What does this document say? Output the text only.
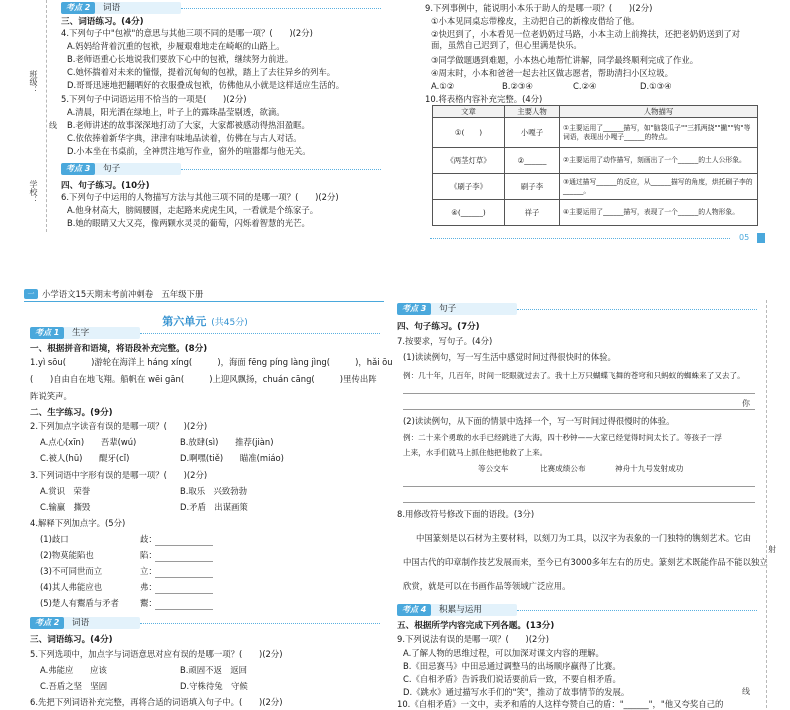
班级：
线
学校：
考点 2	词语
三、词语练习。(4分)
4.下列句子中"包袱"的意思与其他三项不同的是哪一项？(　　)(2分)
A.妈妈给背着沉重的包袱，步履艰难地走在崎岖的山路上。
B.老师语重心长地说我们要放下心中的包袱，继续努力前进。
C.她怀揣着对未来的憧憬，提着沉甸甸的包袱，踏上了去往异乡的列车。
D.哥哥迅速地把翻晒好的衣服叠成包袱，仿佛他从小就是这样适应生活的。
5.下列句子中词语运用不恰当的一项是(　　)(2分)
A.清晨，阳光洒在绿地上，叶子上的露珠晶莹剔透，欲滴。
B.老师讲述的故事深深地打动了大家，大家都被感动得热泪盈眶。
C.依依捧着新华字典，津津有味地品读着，仿佛在与古人对话。
D.小本坐在书桌前，全神贯注地写作业，窗外的喧嚣都与他无关。
考点 3	句子
四、句子练习。(10分)
6.下列句子中运用的人物描写方法与其他三项不同的是哪一项？(　　)(2分)
A.他身材高大，膀阔腰圆，走起路来虎虎生风，一看就是个练家子。
B.她的眼睛又大又亮，像两颗水灵灵的葡萄，闪烁着智慧的光芒。
9.下列事例中，能说明小本乐于助人的是哪一项？(　　)(2分)
①小本见同桌忘带橡皮，主动把自己的新橡皮借给了他。
②快迟到了，小本看见一位老奶奶过马路，小本主动上前搀扶，还把老奶奶送到了对面，虽然自己迟到了，但心里满是快乐。
③同学做题遇到难题，小本热心地帮忙讲解，同学最终顺利完成了作业。
④周末时，小本和爸爸一起去社区做志愿者，帮助清扫小区垃圾。
A.①②	B.②③④	C.②④	D.①③④
10.将表格内容补充完整。(4分)
文章	主要人物	人物描写
①(　　)	小嘎子	①主要运用了______描写，如"脑袋瓜子""三抓两挠""撇""钩"等词语，表现出小嘎子______的特点。
《两茎灯草》	②______	②主要运用了动作描写，刻画出了一个______的土人公形象。
《刷子李》	刷子李	③通过描写______的反应，从______描写的角度，烘托刷子李的______。
④(______)	祥子	④主要运用了______描写，表现了一个______的人物形象。
05
一 小学语文15天期末考前冲刺卷　五年级下册
第六单元 (共45分)
考点 1	生字
一、根据拼音和语境，将语段补充完整。(8分)
1.yì sōu(　　　)游轮在海洋上 háng xíng(　　　)，海面 fēng píng làng jìng(　　　)，hǎi ōu
(　　)自由自在地飞翔。船帆在 wēi gān(　　　)上迎风飘扬，chuán cāng(　　　)里传出阵
阵说笑声。
二、生字练习。(9分)
2.下列加点字读音有误的是哪一项？(　　)(2分)
A.点心(xīn)　　吾辈(wú)	B.放肆(sì)　　推荐(jiàn)
C.被人(hū)　　醍牙(cǐ)	D.啊嘿(tiě)　　瞄准(miáo)
3.下列词语中字形有误的是哪一项？(　　)(2分)
A.赏识　荣誉	B.取乐　兴致勃勃
C.输赢　撕毁	D.矛盾　出谋画策
4.解释下列加点字。(5分)
(1)歧口	歧：
(2)物莫能陷也	陷：
(3)不可同世而立	立：
(4)其人弗能应也	弗：
(5)楚人有鬻盾与矛者	鬻：
考点 2	词语
三、词语练习。(4分)
5.下列选项中，加点字与词语意思对应有误的是哪一项？(　　)(2分)
A.弗能应　　应该	B.顽固不返　返回
C.吾盾之坚　坚固	D.守株待兔　守候
6.先把下列词语补充完整，再将合适的词语填入句子中。(　　)(2分)
考点 3	句子
四、句子练习。(7分)
7.按要求，写句子。(4分)
(1)读读例句，写一写生活中感觉时间过得很快时的体验。
例：几十年，几百年，时间一眨眼就过去了。我十上万只蝴蝶飞舞的苍穹和只蚂蚁的蜘蛛来了又去了。
(2)读读例句，从下面的情景中选择一个，写一写时间过得很慢时的体验。
例：二十来个勇敢的水手已经跳进了大海，四十秒钟——大家已经觉得时间太长了。等孩子一浮
上来，水手们就马上抓住他把他救了上来。
等公交车	比赛成绩公布	神舟十九号发射成功
8.用修改符号修改下面的语段。(3分)
中国篆刻是以石材为主要材料，以刻刀为工具，以汉字为表象的一门独特的镌刻艺术。它由
中国古代的印章制作技艺发展而来，至今已有3000多年左右的历史。篆刻艺术既能作品不能以独立
欣赏，就是可以在书画作品等领域广泛应用。
考点 4	积累与运用
五、根据所学内容完成下列各题。(13分)
9.下列说法有误的是哪一项？(　　)(2分)
A.了解人物的思维过程，可以加深对课文内容的理解。
B.《田忌赛马》中田忌通过调整马的出场顺序赢得了比赛。
C.《自相矛盾》告诉我们说话要前后一致，不要自相矛盾。
D.《跳水》通过描写水手们的"笑"，推动了故事情节的发展。
10.《自相矛盾》一文中，卖矛和盾的人这样夸赞自己的盾："______"，"他又夸奖自己的
你
射
线
